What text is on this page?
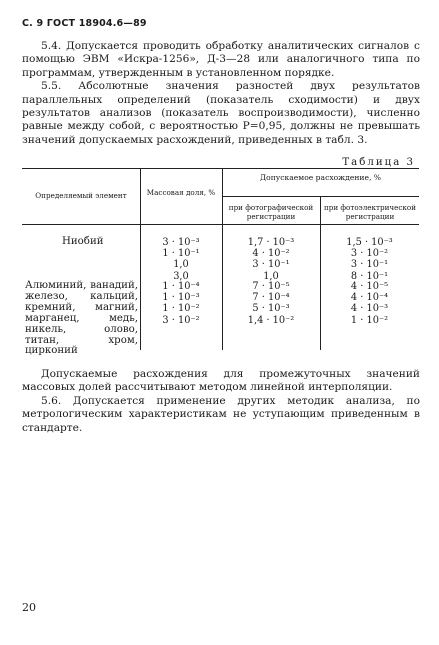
С. 9 ГОСТ 18904.6—89

5.4. Допускается проводить обработку аналитических сигналов с помощью ЭВМ «Искра-1256», Д-3—28 или аналогичного типа по программам, утвержденным в установленном порядке.

5.5. Абсолютные значения разностей двух результатов параллельных определений (показатель сходимости) и двух результатов анализов (показатель воспроизводимости), численно равные между собой, с вероятностью P=0,95, должны не превышать значений допускаемых расхождений, приведенных в табл. 3.

Таблица 3
Определяемый элемент	Массовая доля, %
Допускаемое расхождение, %
при фотографической регистрации
при фотоэлектрической регистрации
Ниобий	3 · 10⁻³
1 · 10⁻¹
1,0
3,0
1,7 · 10⁻³
4 · 10⁻²
3 · 10⁻¹
1,0
1,5 · 10⁻³
3 · 10⁻²
3 · 10⁻¹
8 · 10⁻¹
Алюминий, ванадий, железо, кальций, кремний, магний, марганец, медь, никель, олово, титан, хром, цирконий
1 · 10⁻⁴
1 · 10⁻³
1 · 10⁻²
3 · 10⁻²
7 · 10⁻⁵
7 · 10⁻⁴
5 · 10⁻³
1,4 · 10⁻²
4 · 10⁻⁵
4 · 10⁻⁴
4 · 10⁻³
1 · 10⁻²

Допускаемые расхождения для промежуточных значений массовых долей рассчитывают методом линейной интерполяции.

5.6. Допускается применение других методик анализа, по метрологическим характеристикам не уступающим приведенным в стандарте.

20
